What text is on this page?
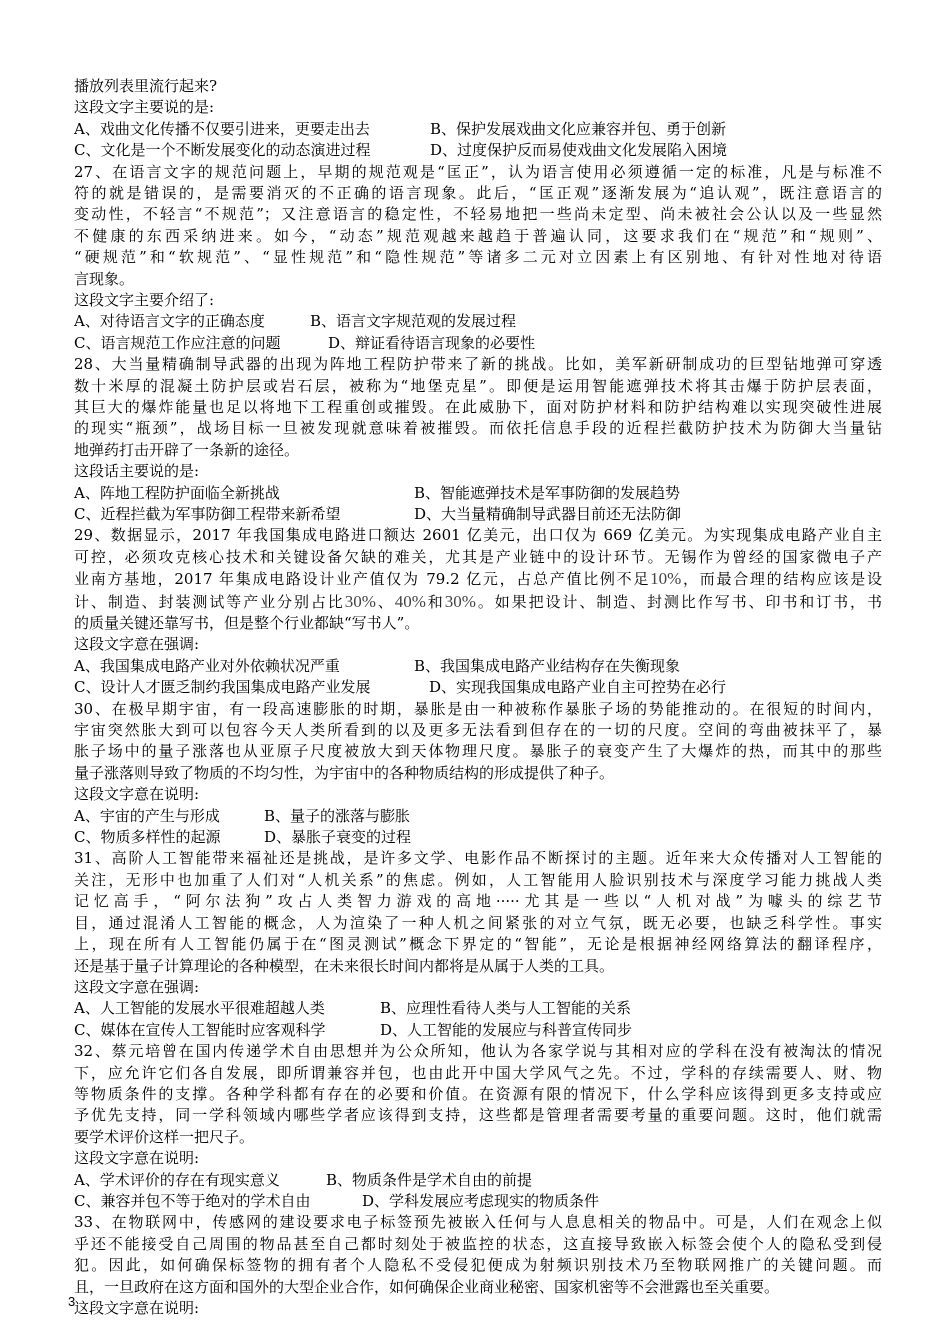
播放列表里流行起来?
这段文字主要说的是:
A、戏曲文化传播不仅要引进来，更要走出去	B、保护发展戏曲文化应兼容并包、勇于创新
C、文化是一个不断发展变化的动态演进过程	D、过度保护反而易使戏曲文化发展陷入困境
27、在语言文字的规范问题上，早期的规范观是“匡正”，认为语言使用必须遵循一定的标准，凡是与标准不
符的就是错误的，是需要消灭的不正确的语言现象。此后，“匡正观”逐渐发展为“追认观”，既注意语言的
变动性，不轻言“不规范”；又注意语言的稳定性，不轻易地把一些尚未定型、尚未被社会公认以及一些显然
不健康的东西采纳进来。如今，“动态”规范观越来越趋于普遍认同，这要求我们在“规范”和“规则”、
“硬规范”和“软规范”、“显性规范”和“隐性规范”等诸多二元对立因素上有区别地、有针对性地对待语
言现象。
这段文字主要介绍了:
A、对待语言文字的正确态度	B、语言文字规范观的发展过程
C、语言规范工作应注意的问题	D、辩证看待语言现象的必要性
28、大当量精确制导武器的出现为阵地工程防护带来了新的挑战。比如，美军新研制成功的巨型钻地弹可穿透
数十米厚的混凝土防护层或岩石层，被称为“地堡克星”。即便是运用智能遮弹技术将其击爆于防护层表面，
其巨大的爆炸能量也足以将地下工程重创或摧毁。在此威胁下，面对防护材料和防护结构难以实现突破性进展
的现实“瓶颈”，战场目标一旦被发现就意味着被摧毁。而依托信息手段的近程拦截防护技术为防御大当量钻
地弹药打击开辟了一条新的途径。
这段话主要说的是:
A、阵地工程防护面临全新挑战	B、智能遮弹技术是军事防御的发展趋势
C、近程拦截为军事防御工程带来新希望	D、大当量精确制导武器目前还无法防御
29、数据显示，2017 年我国集成电路进口额达 2601 亿美元，出口仅为 669 亿美元。为实现集成电路产业自主
可控，必须攻克核心技术和关键设备欠缺的难关，尤其是产业链中的设计环节。无锡作为曾经的国家微电子产
业南方基地，2017 年集成电路设计业产值仅为 79.2 亿元，占总产值比例不足10%，而最合理的结构应该是设
计、制造、封装测试等产业分别占比30%、40%和30%。如果把设计、制造、封测比作写书、印书和订书，书
的质量关键还靠写书，但是整个行业都缺“写书人”。
这段文字意在强调:
A、我国集成电路产业对外依赖状况严重	B、我国集成电路产业结构存在失衡现象
C、设计人才匮乏制约我国集成电路产业发展	D、实现我国集成电路产业自主可控势在必行
30、在极早期宇宙，有一段高速膨胀的时期，暴胀是由一种被称作暴胀子场的势能推动的。在很短的时间内，
宇宙突然胀大到可以包容今天人类所看到的以及更多无法看到但存在的一切的尺度。空间的弯曲被抹平了，暴
胀子场中的量子涨落也从亚原子尺度被放大到天体物理尺度。暴胀子的衰变产生了大爆炸的热，而其中的那些
量子涨落则导致了物质的不均匀性，为宇宙中的各种物质结构的形成提供了种子。
这段文字意在说明:
A、宇宙的产生与形成	B、量子的涨落与膨胀
C、物质多样性的起源	D、暴胀子衰变的过程
31、高阶人工智能带来福祉还是挑战，是许多文学、电影作品不断探讨的主题。近年来大众传播对人工智能的
关注，无形中也加重了人们对“人机关系”的焦虑。例如，人工智能用人脸识别技术与深度学习能力挑战人类
记忆高手，“阿尔法狗”攻占人类智力游戏的高地·····尤其是一些以“人机对战”为噱头的综艺节
目，通过混淆人工智能的概念，人为渲染了一种人机之间紧张的对立气氛，既无必要，也缺乏科学性。事实
上，现在所有人工智能仍属于在“图灵测试”概念下界定的“智能”，无论是根据神经网络算法的翻译程序，
还是基于量子计算理论的各种模型，在未来很长时间内都将是从属于人类的工具。
这段文字意在强调:
A、人工智能的发展水平很难超越人类	B、应理性看待人类与人工智能的关系
C、媒体在宣传人工智能时应客观科学	D、人工智能的发展应与科普宣传同步
32、蔡元培曾在国内传递学术自由思想并为公众所知，他认为各家学说与其相对应的学科在没有被淘汰的情况
下，应允许它们各自发展，即所谓兼容并包，也由此开中国大学风气之先。不过，学科的存续需要人、财、物
等物质条件的支撑。各种学科都有存在的必要和价值。在资源有限的情况下，什么学科应该得到更多支持或应
予优先支持，同一学科领域内哪些学者应该得到支持，这些都是管理者需要考量的重要问题。这时，他们就需
要学术评价这样一把尺子。
这段文字意在说明:
A、学术评价的存在有现实意义	B、物质条件是学术自由的前提
C、兼容并包不等于绝对的学术自由	D、学科发展应考虑现实的物质条件
33、在物联网中，传感网的建设要求电子标签预先被嵌入任何与人息息相关的物品中。可是，人们在观念上似
乎还不能接受自己周围的物品甚至自己都时刻处于被监控的状态，这直接导致嵌入标签会使个人的隐私受到侵
犯。因此，如何确保标签物的拥有者个人隐私不受侵犯便成为射频识别技术乃至物联网推广的关键问题。而
且，一旦政府在这方面和国外的大型企业合作，如何确保企业商业秘密、国家机密等不会泄露也至关重要。
这段文字意在说明:
3
